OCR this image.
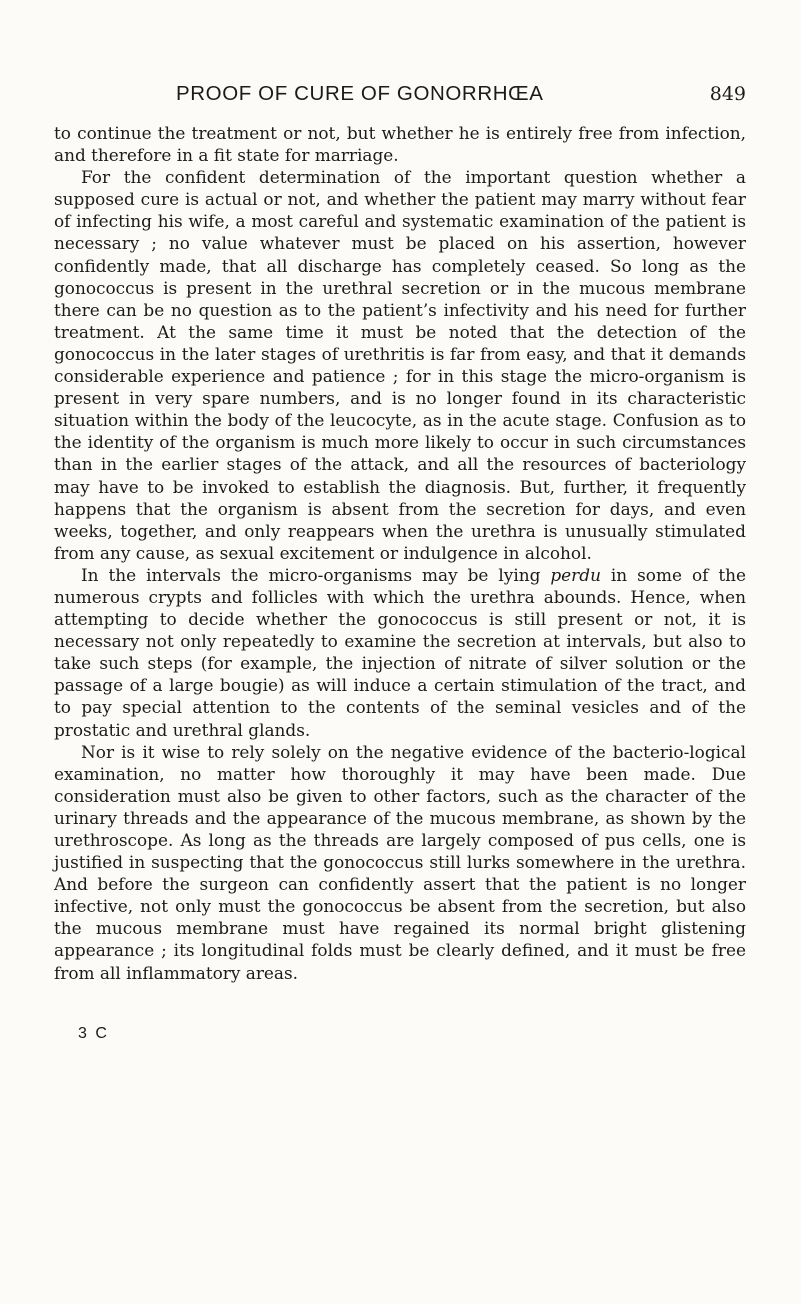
PROOF OF CURE OF GONORRHŒA	849

to continue the treatment or not, but whether he is entirely free from infection, and therefore in a fit state for marriage.

For the confident determination of the important question whether a supposed cure is actual or not, and whether the patient may marry without fear of infecting his wife, a most careful and systematic examination of the patient is necessary ; no value whatever must be placed on his assertion, however confidently made, that all discharge has completely ceased. So long as the gonococcus is present in the urethral secretion or in the mucous membrane there can be no question as to the patient’s infectivity and his need for further treatment. At the same time it must be noted that the detection of the gonococcus in the later stages of urethritis is far from easy, and that it demands considerable experience and patience ; for in this stage the micro-organism is present in very spare numbers, and is no longer found in its characteristic situation within the body of the leucocyte, as in the acute stage. Confusion as to the identity of the organism is much more likely to occur in such circumstances than in the earlier stages of the attack, and all the resources of bacteriology may have to be invoked to establish the diagnosis. But, further, it frequently happens that the organism is absent from the secretion for days, and even weeks, together, and only reappears when the urethra is unusually stimulated from any cause, as sexual excitement or indulgence in alcohol.

In the intervals the micro-organisms may be lying perdu in some of the numerous crypts and follicles with which the urethra abounds. Hence, when attempting to decide whether the gonococcus is still present or not, it is necessary not only repeatedly to examine the secretion at intervals, but also to take such steps (for example, the injection of nitrate of silver solution or the passage of a large bougie) as will induce a certain stimulation of the tract, and to pay special attention to the contents of the seminal vesicles and of the prostatic and urethral glands.

Nor is it wise to rely solely on the negative evidence of the bacterio-logical examination, no matter how thoroughly it may have been made. Due consideration must also be given to other factors, such as the character of the urinary threads and the appearance of the mucous membrane, as shown by the urethroscope. As long as the threads are largely composed of pus cells, one is justified in suspecting that the gonococcus still lurks somewhere in the urethra. And before the surgeon can confidently assert that the patient is no longer infective, not only must the gonococcus be absent from the secretion, but also the mucous membrane must have regained its normal bright glistening appearance ; its longitudinal folds must be clearly defined, and it must be free from all inflammatory areas.

3 C
